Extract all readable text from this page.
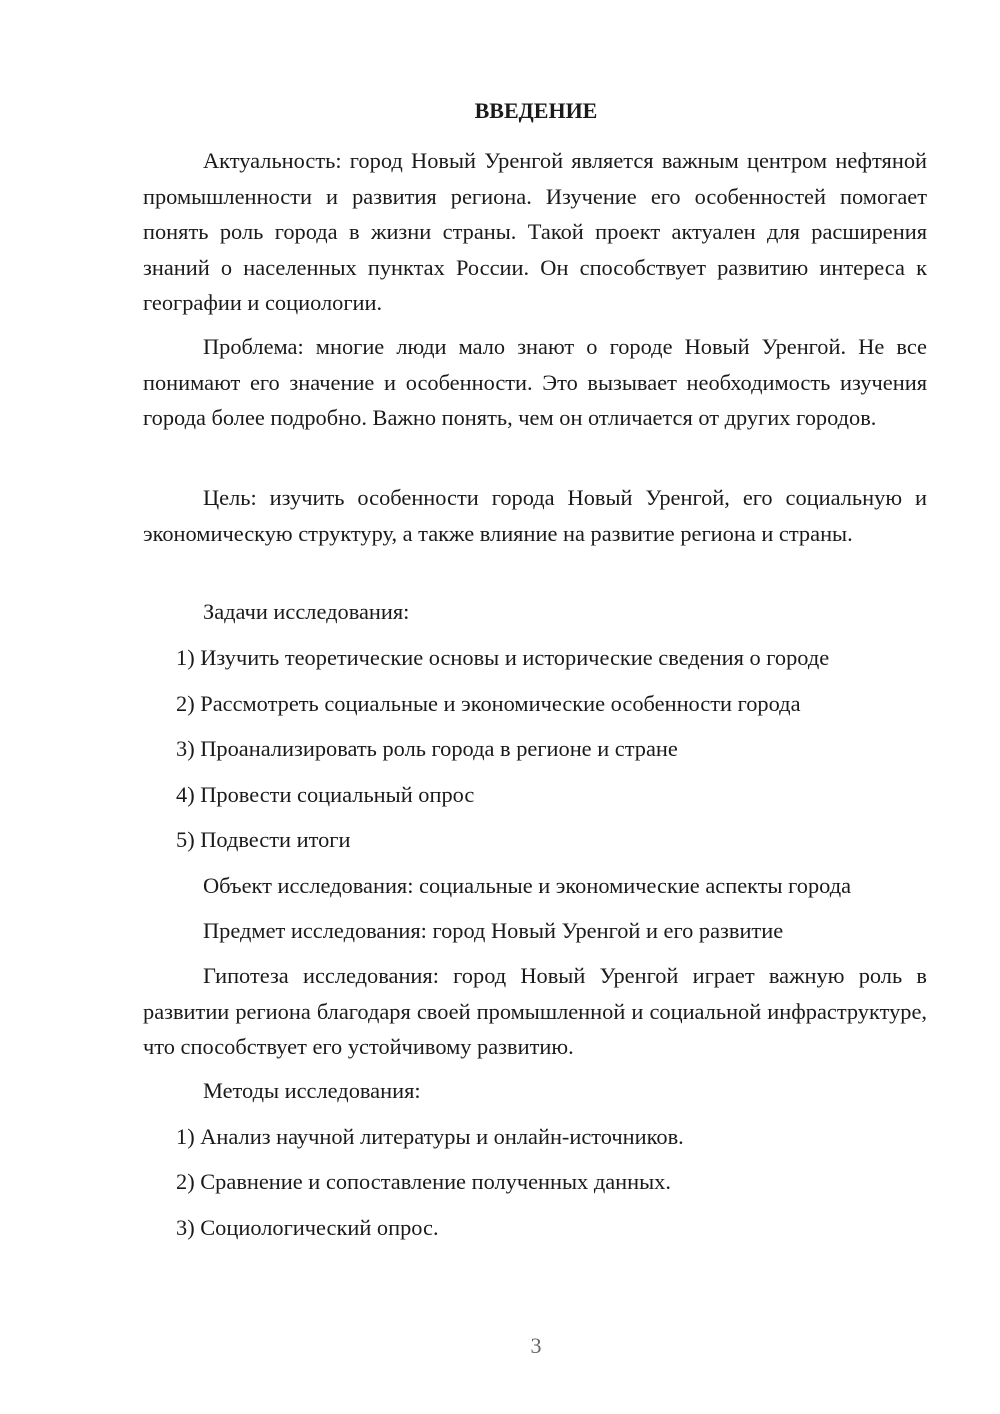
ВВЕДЕНИЕ

Актуальность: город Новый Уренгой является важным центром нефтяной промышленности и развития региона. Изучение его особенностей помогает понять роль города в жизни страны. Такой проект актуален для расширения знаний о населенных пунктах России. Он способствует развитию интереса к географии и социологии.

Проблема: многие люди мало знают о городе Новый Уренгой. Не все понимают его значение и особенности. Это вызывает необходимость изучения города более подробно. Важно понять, чем он отличается от других городов.

Цель: изучить особенности города Новый Уренгой, его социальную и экономическую структуру, а также влияние на развитие региона и страны.

Задачи исследования:
1) Изучить теоретические основы и исторические сведения о городе
2) Рассмотреть социальные и экономические особенности города
3) Проанализировать роль города в регионе и стране
4) Провести социальный опрос
5) Подвести итоги
Объект исследования: социальные и экономические аспекты города
Предмет исследования: город Новый Уренгой и его развитие

Гипотеза исследования: город Новый Уренгой играет важную роль в развитии региона благодаря своей промышленной и социальной инфраструктуре, что способствует его устойчивому развитию.

Методы исследования:
1) Анализ научной литературы и онлайн-источников.
2) Сравнение и сопоставление полученных данных.
3) Социологический опрос.
3
